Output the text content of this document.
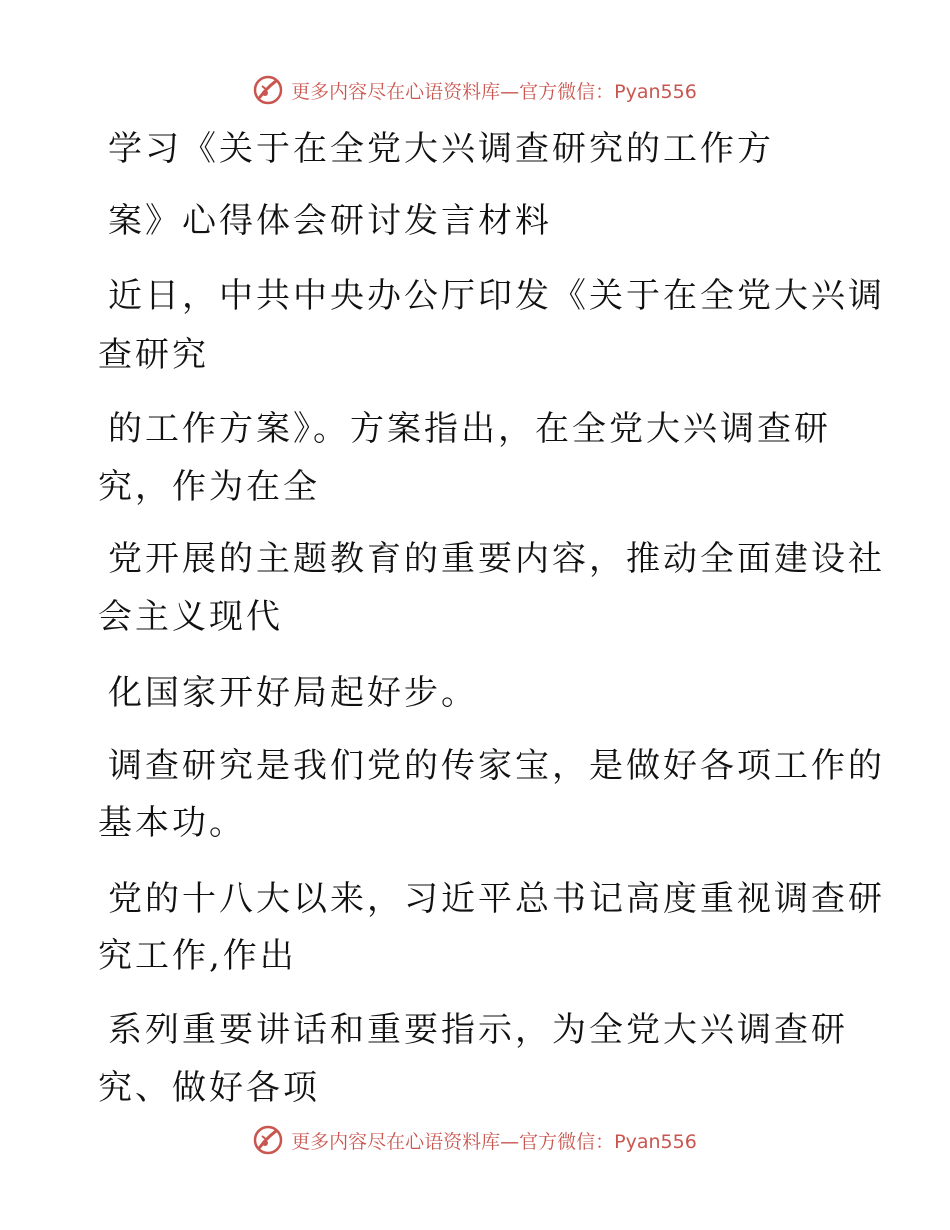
更多内容尽在心语资料库—官方微信：Pyan556
学习《关于在全党大兴调查研究的工作方
案》心得体会研讨发言材料
近日，中共中央办公厅印发《关于在全党大兴调
查研究
的工作方案》。方案指出，在全党大兴调查研
究，作为在全
党开展的主题教育的重要内容，推动全面建设社
会主义现代
化国家开好局起好步。
调查研究是我们党的传家宝，是做好各项工作的
基本功。
党的十八大以来，习近平总书记高度重视调查研
究工作,作出
系列重要讲话和重要指示，为全党大兴调查研
究、做好各项
更多内容尽在心语资料库—官方微信：Pyan556
